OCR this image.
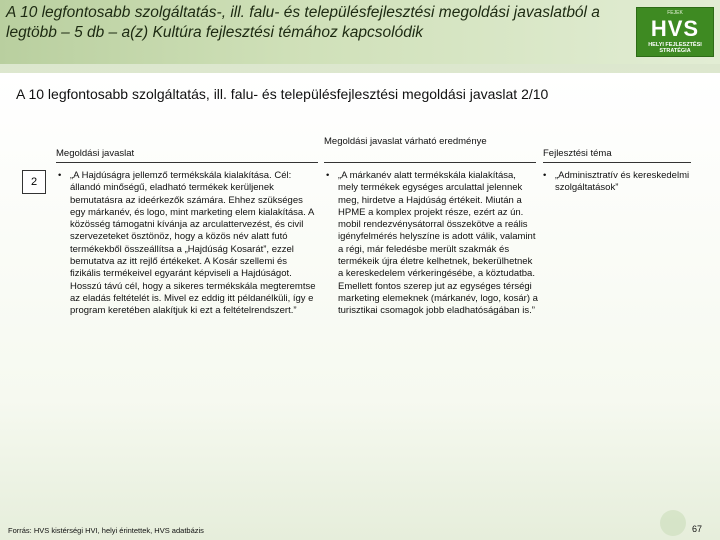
A 10 legfontosabb szolgáltatás-, ill. falu- és településfejlesztési megoldási javaslatból a legtöbb – 5 db – a(z) Kultúra fejlesztési témához kapcsolódik
FEJEK
HVS
HELYI FEJLESZTÉSI STRATÉGIA
A 10 legfontosabb szolgáltatás, ill. falu- és településfejlesztési megoldási javaslat 2/10
Megoldási javaslat
Megoldási javaslat várható eredménye
Fejlesztési téma
2
• „A Hajdúságra jellemző termékskála kialakítása. Cél: állandó minőségű, eladható termékek kerüljenek bemutatásra az ideérkezők számára. Ehhez szükséges egy márkanév, és logo, mint marketing elem kialakítása. A közösség támogatni kívánja az arculattervezést, és civil szervezeteket ösztönöz, hogy a közös név alatt futó termékekből összeállítsa a „Hajdúság Kosarát”, ezzel bemutatva az itt rejlő értékeket. A Kosár szellemi és fizikális termékeivel egyaránt képviseli a Hajdúságot. Hosszú távú cél, hogy a sikeres termékskála megteremtse az eladás feltételét is. Mivel ez eddig itt példanélküli, így e program keretében alakítjuk ki ezt a feltételrendszert.”
• „A márkanév alatt termékskála kialakítása, mely termékek egységes arculattal jelennek meg, hirdetve a Hajdúság értékeit. Miután a HPME a komplex projekt része, ezért az ún. mobil rendezvénysátorral összekötve a reális igényfelmérés helyszíne is adott válik, valamint a régi, már feledésbe merült szakmák és termékeik újra életre kelhetnek, bekerülhetnek a kereskedelem vérkeringésébe, a köztudatba. Emellett fontos szerep jut az egységes térségi marketing elemeknek (márkanév, logo, kosár) a turisztikai csomagok jobb eladhatóságában is.”
• „Adminisztratív és kereskedelmi szolgáltatások”
Forrás: HVS kistérségi HVI, helyi érintettek, HVS adatbázis	67
